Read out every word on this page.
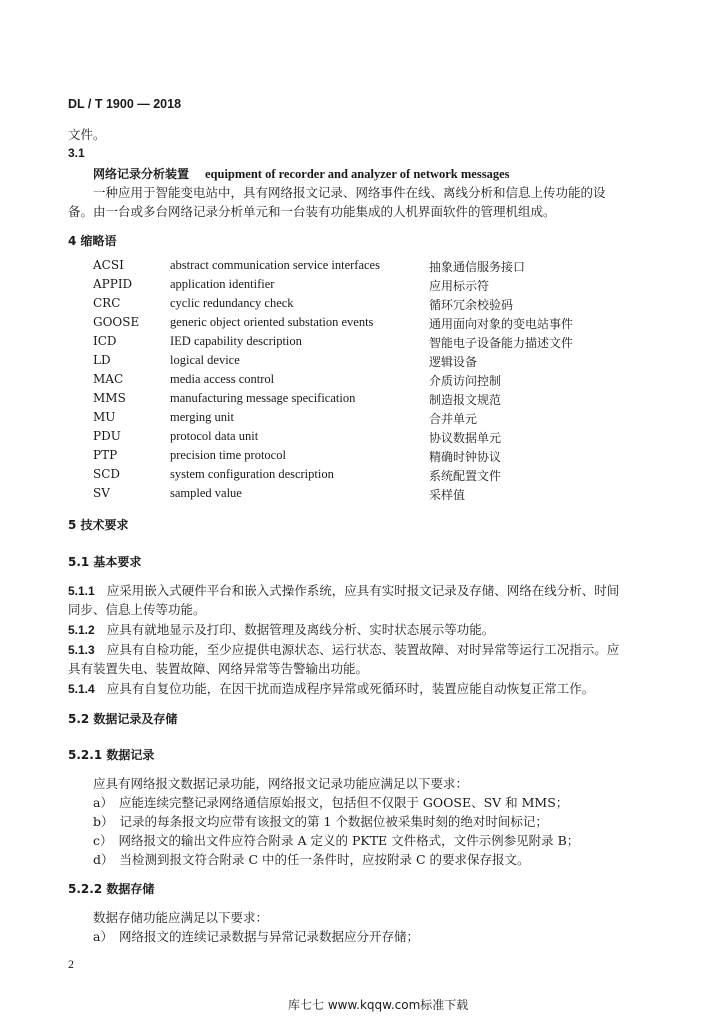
DL / T 1900 — 2018
文件。
3.1
网络记录分析装置 equipment of recorder and analyzer of network messages
一种应用于智能变电站中，具有网络报文记录、网络事件在线、离线分析和信息上传功能的设
备。由一台或多台网络记录分析单元和一台装有功能集成的人机界面软件的管理机组成。
4 缩略语
ACSI	abstract communication service interfaces	抽象通信服务接口
APPID	application identifier	应用标示符
CRC	cyclic redundancy check	循环冗余校验码
GOOSE generic object oriented substation events	通用面向对象的变电站事件
ICD	IED capability description	智能电子设备能力描述文件
LD	logical device	逻辑设备
MAC	media access control	介质访问控制
MMS	manufacturing message specification	制造报文规范
MU	merging unit	合并单元
PDU	protocol data unit	协议数据单元
PTP	precision time protocol	精确时钟协议
SCD	system configuration description	系统配置文件
SV	sampled value	采样值
5 技术要求
5.1 基本要求
5.1.1 应采用嵌入式硬件平台和嵌入式操作系统，应具有实时报文记录及存储、网络在线分析、时间
同步、信息上传等功能。
5.1.2 应具有就地显示及打印、数据管理及离线分析、实时状态展示等功能。
5.1.3 应具有自检功能，至少应提供电源状态、运行状态、装置故障、对时异常等运行工况指示。应
具有装置失电、装置故障、网络异常等告警输出功能。
5.1.4 应具有自复位功能，在因干扰而造成程序异常或死循环时，装置应能自动恢复正常工作。
5.2 数据记录及存储
5.2.1 数据记录
应具有网络报文数据记录功能，网络报文记录功能应满足以下要求：
a） 应能连续完整记录网络通信原始报文，包括但不仅限于 GOOSE、SV 和 MMS；
b） 记录的每条报文均应带有该报文的第 1 个数据位被采集时刻的绝对时间标记；
c） 网络报文的输出文件应符合附录 A 定义的 PKTE 文件格式，文件示例参见附录 B；
d） 当检测到报文符合附录 C 中的任一条件时，应按附录 C 的要求保存报文。
5.2.2 数据存储
数据存储功能应满足以下要求：
a） 网络报文的连续记录数据与异常记录数据应分开存储；
2
库七七 www.kqqw.com标准下载
